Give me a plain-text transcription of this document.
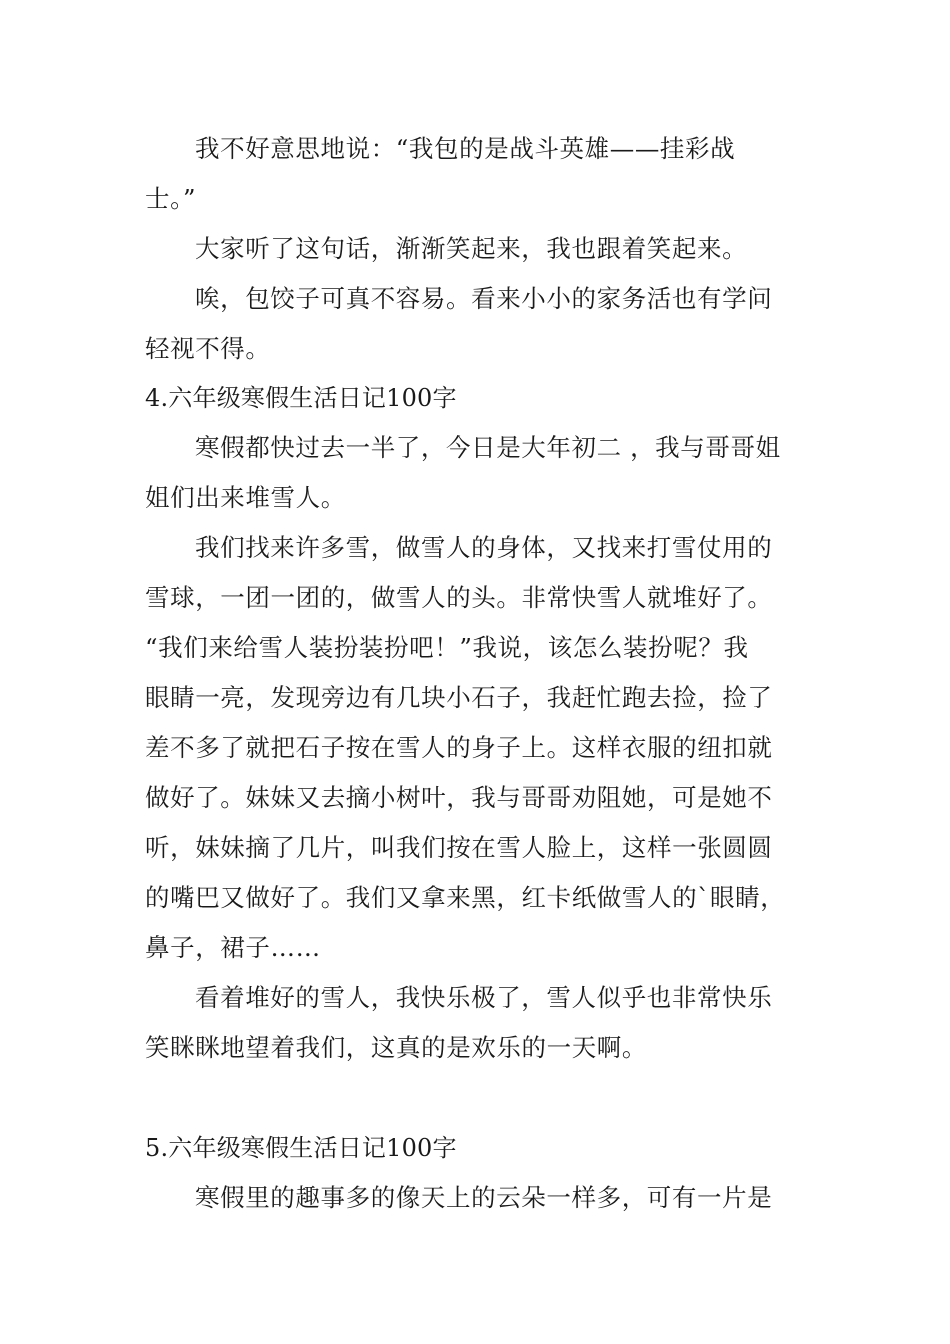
我不好意思地说：“我包的是战斗英雄——挂彩战
士。”
大家听了这句话，渐渐笑起来，我也跟着笑起来。
唉，包饺子可真不容易。看来小小的家务活也有学问
轻视不得。
4.六年级寒假生活日记100字
寒假都快过去一半了，今日是大年初二 ，我与哥哥姐
姐们出来堆雪人。
我们找来许多雪，做雪人的身体，又找来打雪仗用的
雪球，一团一团的，做雪人的头。非常快雪人就堆好了。
“我们来给雪人装扮装扮吧！”我说，该怎么装扮呢？我
眼睛一亮，发现旁边有几块小石子，我赶忙跑去捡，捡了
差不多了就把石子按在雪人的身子上。这样衣服的纽扣就
做好了。妹妹又去摘小树叶，我与哥哥劝阻她，可是她不
听，妹妹摘了几片，叫我们按在雪人脸上，这样一张圆圆
的嘴巴又做好了。我们又拿来黑，红卡纸做雪人的`眼睛，
鼻子，裙子……
看着堆好的雪人，我快乐极了，雪人似乎也非常快乐
笑眯眯地望着我们，这真的是欢乐的一天啊。
5.六年级寒假生活日记100字
寒假里的趣事多的像天上的云朵一样多，可有一片是
